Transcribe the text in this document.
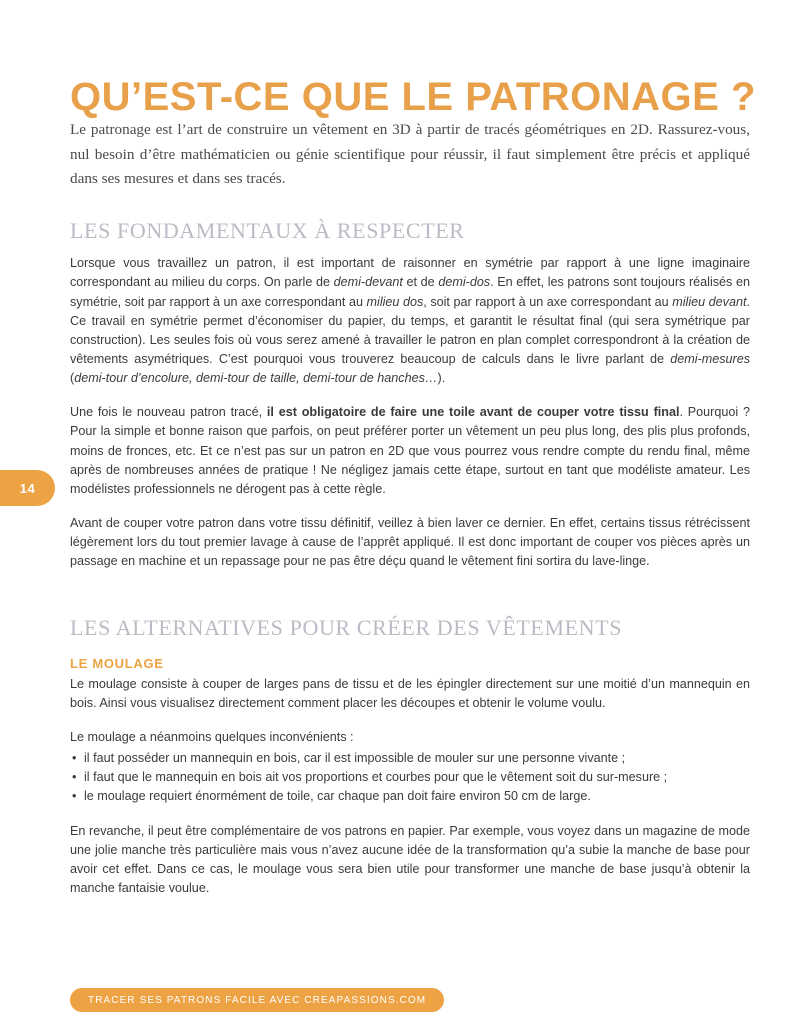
QU’EST-CE QUE LE PATRONAGE ?

Le patronage est l’art de construire un vêtement en 3D à partir de tracés géométriques en 2D. Rassurez-vous, nul besoin d’être mathématicien ou génie scientifique pour réussir, il faut simplement être précis et appliqué dans ses mesures et dans ses tracés.

LES FONDAMENTAUX À RESPECTER

Lorsque vous travaillez un patron, il est important de raisonner en symétrie par rapport à une ligne imaginaire correspondant au milieu du corps. On parle de demi-devant et de demi-dos. En effet, les patrons sont toujours réalisés en symétrie, soit par rapport à un axe correspondant au milieu dos, soit par rapport à un axe correspondant au milieu devant. Ce travail en symétrie permet d’économiser du papier, du temps, et garantit le résultat final (qui sera symétrique par construction). Les seules fois où vous serez amené à travailler le patron en plan complet correspondront à la création de vêtements asymétriques. C’est pourquoi vous trouverez beaucoup de calculs dans le livre parlant de demi-mesures (demi-tour d’encolure, demi-tour de taille, demi-tour de hanches…).

Une fois le nouveau patron tracé, il est obligatoire de faire une toile avant de couper votre tissu final. Pourquoi ? Pour la simple et bonne raison que parfois, on peut préférer porter un vêtement un peu plus long, des plis plus profonds, moins de fronces, etc. Et ce n’est pas sur un patron en 2D que vous pourrez vous rendre compte du rendu final, même après de nombreuses années de pratique ! Ne négligez jamais cette étape, surtout en tant que modéliste amateur. Les modélistes professionnels ne dérogent pas à cette règle.

Avant de couper votre patron dans votre tissu définitif, veillez à bien laver ce dernier. En effet, certains tissus rétrécissent légèrement lors du tout premier lavage à cause de l’apprêt appliqué. Il est donc important de couper vos pièces après un passage en machine et un repassage pour ne pas être déçu quand le vêtement fini sortira du lave-linge.

LES ALTERNATIVES POUR CRÉER DES VÊTEMENTS
LE MOULAGE

Le moulage consiste à couper de larges pans de tissu et de les épingler directement sur une moitié d’un mannequin en bois. Ainsi vous visualisez directement comment placer les découpes et obtenir le volume voulu.

Le moulage a néanmoins quelques inconvénients :

• il faut posséder un mannequin en bois, car il est impossible de mouler sur une personne vivante ;
• il faut que le mannequin en bois ait vos proportions et courbes pour que le vêtement soit du sur-mesure ;
• le moulage requiert énormément de toile, car chaque pan doit faire environ 50 cm de large.

En revanche, il peut être complémentaire de vos patrons en papier. Par exemple, vous voyez dans un magazine de mode une jolie manche très particulière mais vous n’avez aucune idée de la transformation qu’a subie la manche de base pour avoir cet effet. Dans ce cas, le moulage vous sera bien utile pour transformer une manche de base jusqu’à obtenir la manche fantaisie voulue.

14
TRACER SES PATRONS FACILE AVEC CREAPASSIONS.COM
